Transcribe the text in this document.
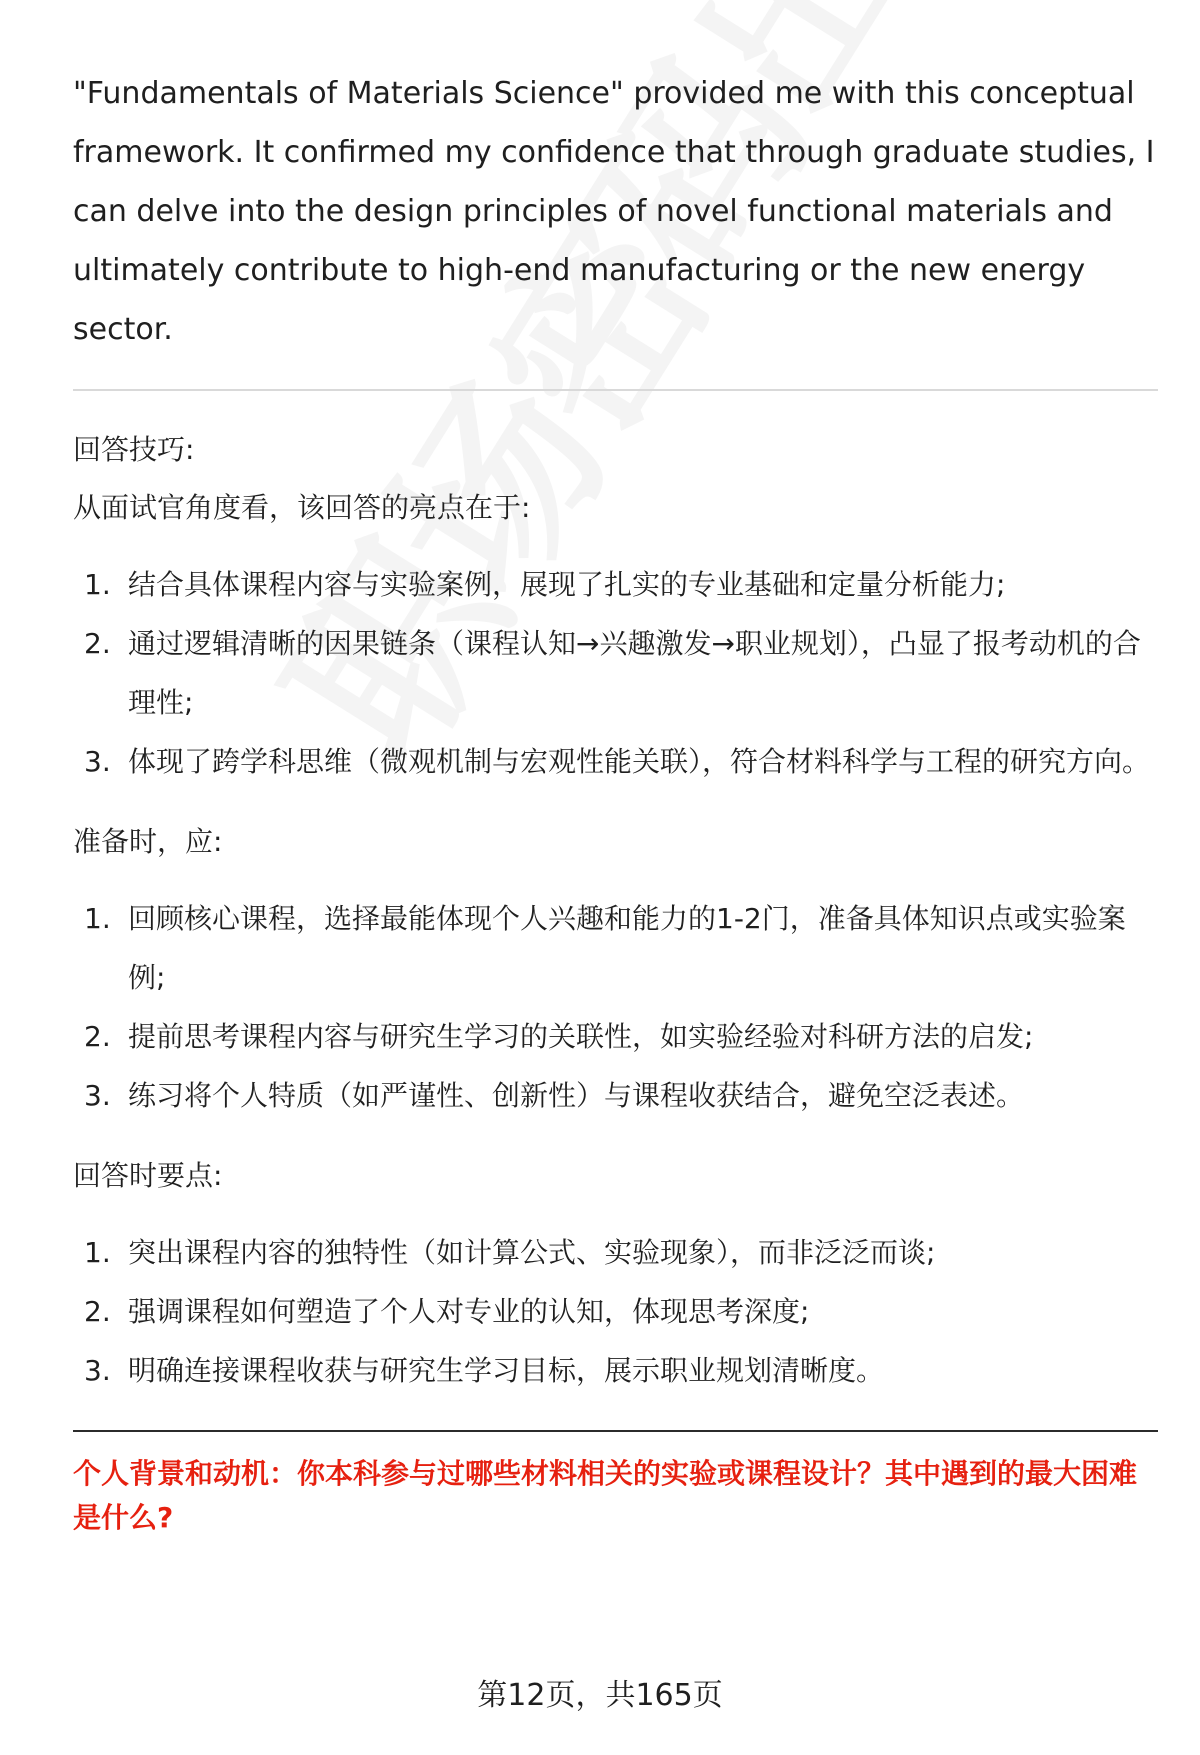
"Fundamentals of Materials Science" provided me with this conceptual framework. It confirmed my confidence that through graduate studies, I can delve into the design principles of novel functional materials and ultimately contribute to high-end manufacturing or the new energy sector.

回答技巧:

从面试官角度看，该回答的亮点在于:

1. 结合具体课程内容与实验案例，展现了扎实的专业基础和定量分析能力;
2. 通过逻辑清晰的因果链条（课程认知→兴趣激发→职业规划），凸显了报考动机的合理性;
3. 体现了跨学科思维（微观机制与宏观性能关联），符合材料科学与工程的研究方向。

准备时，应:

1. 回顾核心课程，选择最能体现个人兴趣和能力的1-2门，准备具体知识点或实验案例;
2. 提前思考课程内容与研究生学习的关联性，如实验经验对科研方法的启发;
3. 练习将个人特质（如严谨性、创新性）与课程收获结合，避免空泛表述。

回答时要点:

1. 突出课程内容的独特性（如计算公式、实验现象），而非泛泛而谈;
2. 强调课程如何塑造了个人对专业的认知，体现思考深度;
3. 明确连接课程收获与研究生学习目标，展示职业规划清晰度。
个人背景和动机：你本科参与过哪些材料相关的实验或课程设计？其中遇到的最大困难是什么?
第12页，共165页
